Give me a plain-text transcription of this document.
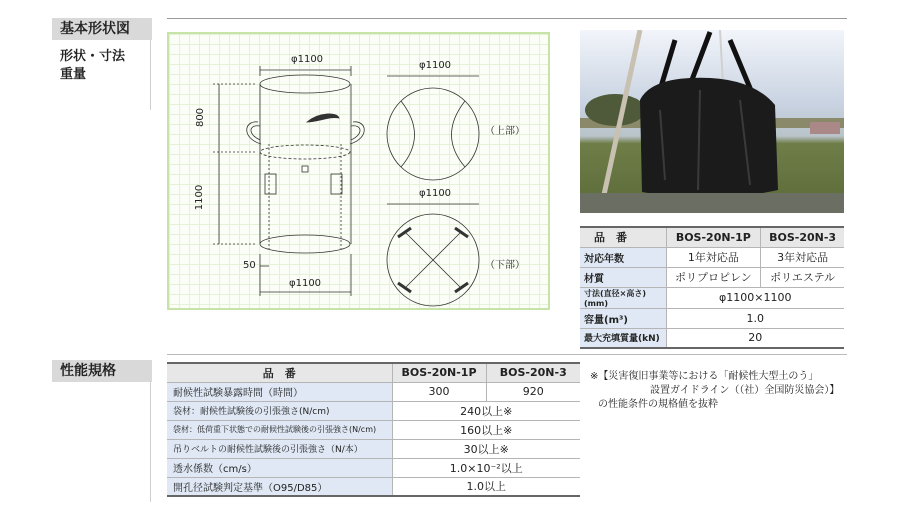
基本形状図
形状・寸法
重量
性能規格
φ1100
800
1100
50
φ1100
φ1100
（上部）
φ1100
（下部）
品　番	BOS-20N-1P	BOS-20N-3
対応年数	1年対応品	3年対応品
材質	ポリプロピレン	ポリエステル
寸法(直径×高さ)(mm)	φ1100×1100	
容量(m³)	1.0	
最大充填質量(kN)	20	
品　番	BOS-20N-1P	BOS-20N-3
耐候性試験暴露時間（時間）	300	920
袋材：耐候性試験後の引張強さ(N/cm)	240以上※	
袋材：低荷重下状態での耐候性試験後の引張強さ(N/cm)	160以上※	
吊りベルトの耐候性試験後の引張強さ（N/本）	30以上※	
透水係数（cm/s）	1.0×10⁻²以上	
開孔径試験判定基準（O95/D85）	1.0以上	
※【災害復旧事業等における「耐候性大型土のう」
設置ガイドライン（（社）全国防災協会）】
の性能条件の規格値を抜粋
